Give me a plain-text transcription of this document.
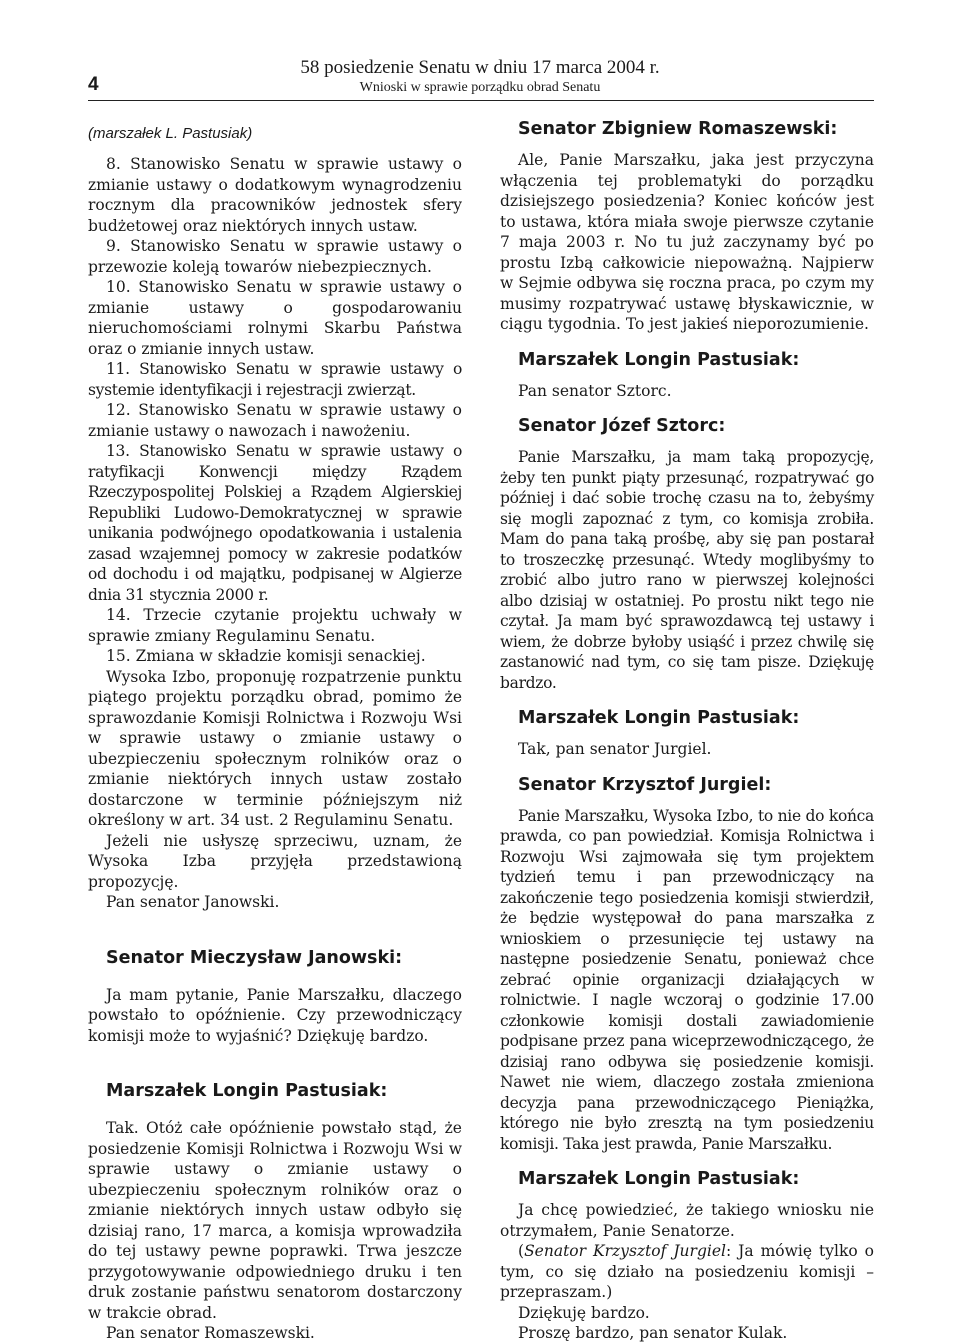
4
58 posiedzenie Senatu w dniu 17 marca 2004 r.
Wnioski w sprawie porządku obrad Senatu
(marszałek L. Pastusiak)

8. Stanowisko Senatu w sprawie ustawy o zmianie ustawy o dodatkowym wynagrodzeniu rocznym dla pracowników jednostek sfery budżetowej oraz niektórych innych ustaw.

9. Stanowisko Senatu w sprawie ustawy o przewozie koleją towarów niebezpiecznych.

10. Stanowisko Senatu w sprawie ustawy o zmianie ustawy o gospodarowaniu nieruchomościami rolnymi Skarbu Państwa oraz o zmianie innych ustaw.

11. Stanowisko Senatu w sprawie ustawy o systemie identyfikacji i rejestracji zwierząt.

12. Stanowisko Senatu w sprawie ustawy o zmianie ustawy o nawozach i nawożeniu.

13. Stanowisko Senatu w sprawie ustawy o ratyfikacji Konwencji między Rządem Rzeczypospolitej Polskiej a Rządem Algierskiej Republiki Ludowo-Demokratycznej w sprawie unikania podwójnego opodatkowania i ustalenia zasad wzajemnej pomocy w zakresie podatków od dochodu i od majątku, podpisanej w Algierze dnia 31 stycznia 2000 r.

14. Trzecie czytanie projektu uchwały w sprawie zmiany Regulaminu Senatu.

15. Zmiana w składzie komisji senackiej.

Wysoka Izbo, proponuję rozpatrzenie punktu piątego projektu porządku obrad, pomimo że sprawozdanie Komisji Rolnictwa i Rozwoju Wsi w sprawie ustawy o zmianie ustawy o ubezpieczeniu społecznym rolników oraz o zmianie niektórych innych ustaw zostało dostarczone w terminie późniejszym niż określony w art. 34 ust. 2 Regulaminu Senatu.

Jeżeli nie usłyszę sprzeciwu, uznam, że Wysoka Izba przyjęła przedstawioną propozycję.

Pan senator Janowski.

Senator Mieczysław Janowski:

Ja mam pytanie, Panie Marszałku, dlaczego powstało to opóźnienie. Czy przewodniczący komisji może to wyjaśnić? Dziękuję bardzo.

Marszałek Longin Pastusiak:

Tak. Otóż całe opóźnienie powstało stąd, że posiedzenie Komisji Rolnictwa i Rozwoju Wsi w sprawie ustawy o zmianie ustawy o ubezpieczeniu społecznym rolników oraz o zmianie niektórych innych ustaw odbyło się dzisiaj rano, 17 marca, a komisja wprowadziła do tej ustawy pewne poprawki. Trwa jeszcze przygotowywanie odpowiedniego druku i ten druk zostanie państwu senatorom dostarczony w trakcie obrad.

Pan senator Romaszewski.

Senator Zbigniew Romaszewski:

Ale, Panie Marszałku, jaka jest przyczyna włączenia tej problematyki do porządku dzisiejszego posiedzenia? Koniec końców jest to ustawa, która miała swoje pierwsze czytanie 7 maja 2003 r. No tu już zaczynamy być po prostu Izbą całkowicie niepoważną. Najpierw w Sejmie odbywa się roczna praca, po czym my musimy rozpatrywać ustawę błyskawicznie, w ciągu tygodnia. To jest jakieś nieporozumienie.

Marszałek Longin Pastusiak:

Pan senator Sztorc.

Senator Józef Sztorc:

Panie Marszałku, ja mam taką propozycję, żeby ten punkt piąty przesunąć, rozpatrywać go później i dać sobie trochę czasu na to, żebyśmy się mogli zapoznać z tym, co komisja zrobiła. Mam do pana taką prośbę, aby się pan postarał to troszeczkę przesunąć. Wtedy moglibyśmy to zrobić albo jutro rano w pierwszej kolejności albo dzisiaj w ostatniej. Po prostu nikt tego nie czytał. Ja mam być sprawozdawcą tej ustawy i wiem, że dobrze byłoby usiąść i przez chwilę się zastanowić nad tym, co się tam pisze. Dziękuję bardzo.

Marszałek Longin Pastusiak:

Tak, pan senator Jurgiel.

Senator Krzysztof Jurgiel:

Panie Marszałku, Wysoka Izbo, to nie do końca prawda, co pan powiedział. Komisja Rolnictwa i Rozwoju Wsi zajmowała się tym projektem tydzień temu i pan przewodniczący na zakończenie tego posiedzenia komisji stwierdził, że będzie występował do pana marszałka z wnioskiem o przesunięcie tej ustawy na następne posiedzenie Senatu, ponieważ chce zebrać opinie organizacji działających w rolnictwie. I nagle wczoraj o godzinie 17.00 członkowie komisji dostali zawiadomienie podpisane przez pana wiceprzewodniczącego, że dzisiaj rano odbywa się posiedzenie komisji. Nawet nie wiem, dlaczego została zmieniona decyzja pana przewodniczącego Pieniążka, którego nie było zresztą na tym posiedzeniu komisji. Taka jest prawda, Panie Marszałku.

Marszałek Longin Pastusiak:

Ja chcę powiedzieć, że takiego wniosku nie otrzymałem, Panie Senatorze.

(Senator Krzysztof Jurgiel: Ja mówię tylko o tym, co się działo na posiedzeniu komisji – przepraszam.)

Dziękuję bardzo.

Proszę bardzo, pan senator Kulak.
